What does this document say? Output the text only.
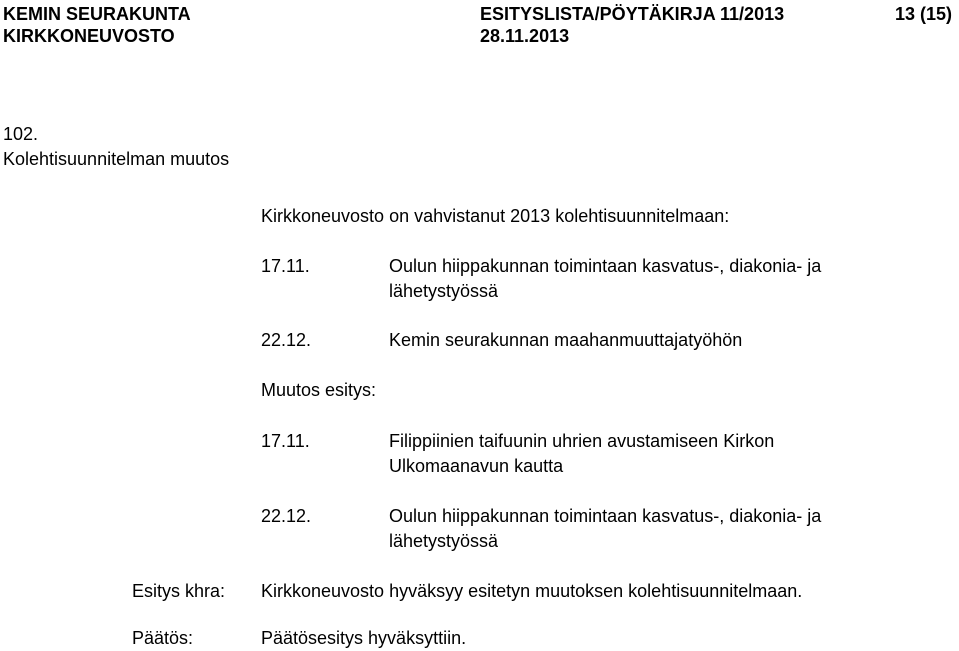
KEMIN SEURAKUNTA
KIRKKONEUVOSTO
ESITYSLISTA/PÖYTÄKIRJA 11/2013
28.11.2013
13 (15)
102.
Kolehtisuunnitelman muutos
Kirkkoneuvosto on vahvistanut 2013 kolehtisuunnitelmaan:
17.11.	Oulun hiippakunnan toimintaan kasvatus-, diakonia- ja
lähetystyössä
22.12.	Kemin seurakunnan maahanmuuttajatyöhön
Muutos esitys:
17.11.	Filippiinien taifuunin uhrien avustamiseen Kirkon
Ulkomaanavun kautta
22.12.	Oulun hiippakunnan toimintaan kasvatus-, diakonia- ja
lähetystyössä
Esitys khra: Kirkkoneuvosto hyväksyy esitetyn muutoksen kolehtisuunnitelmaan.
Päätös:	Päätösesitys hyväksyttiin.
